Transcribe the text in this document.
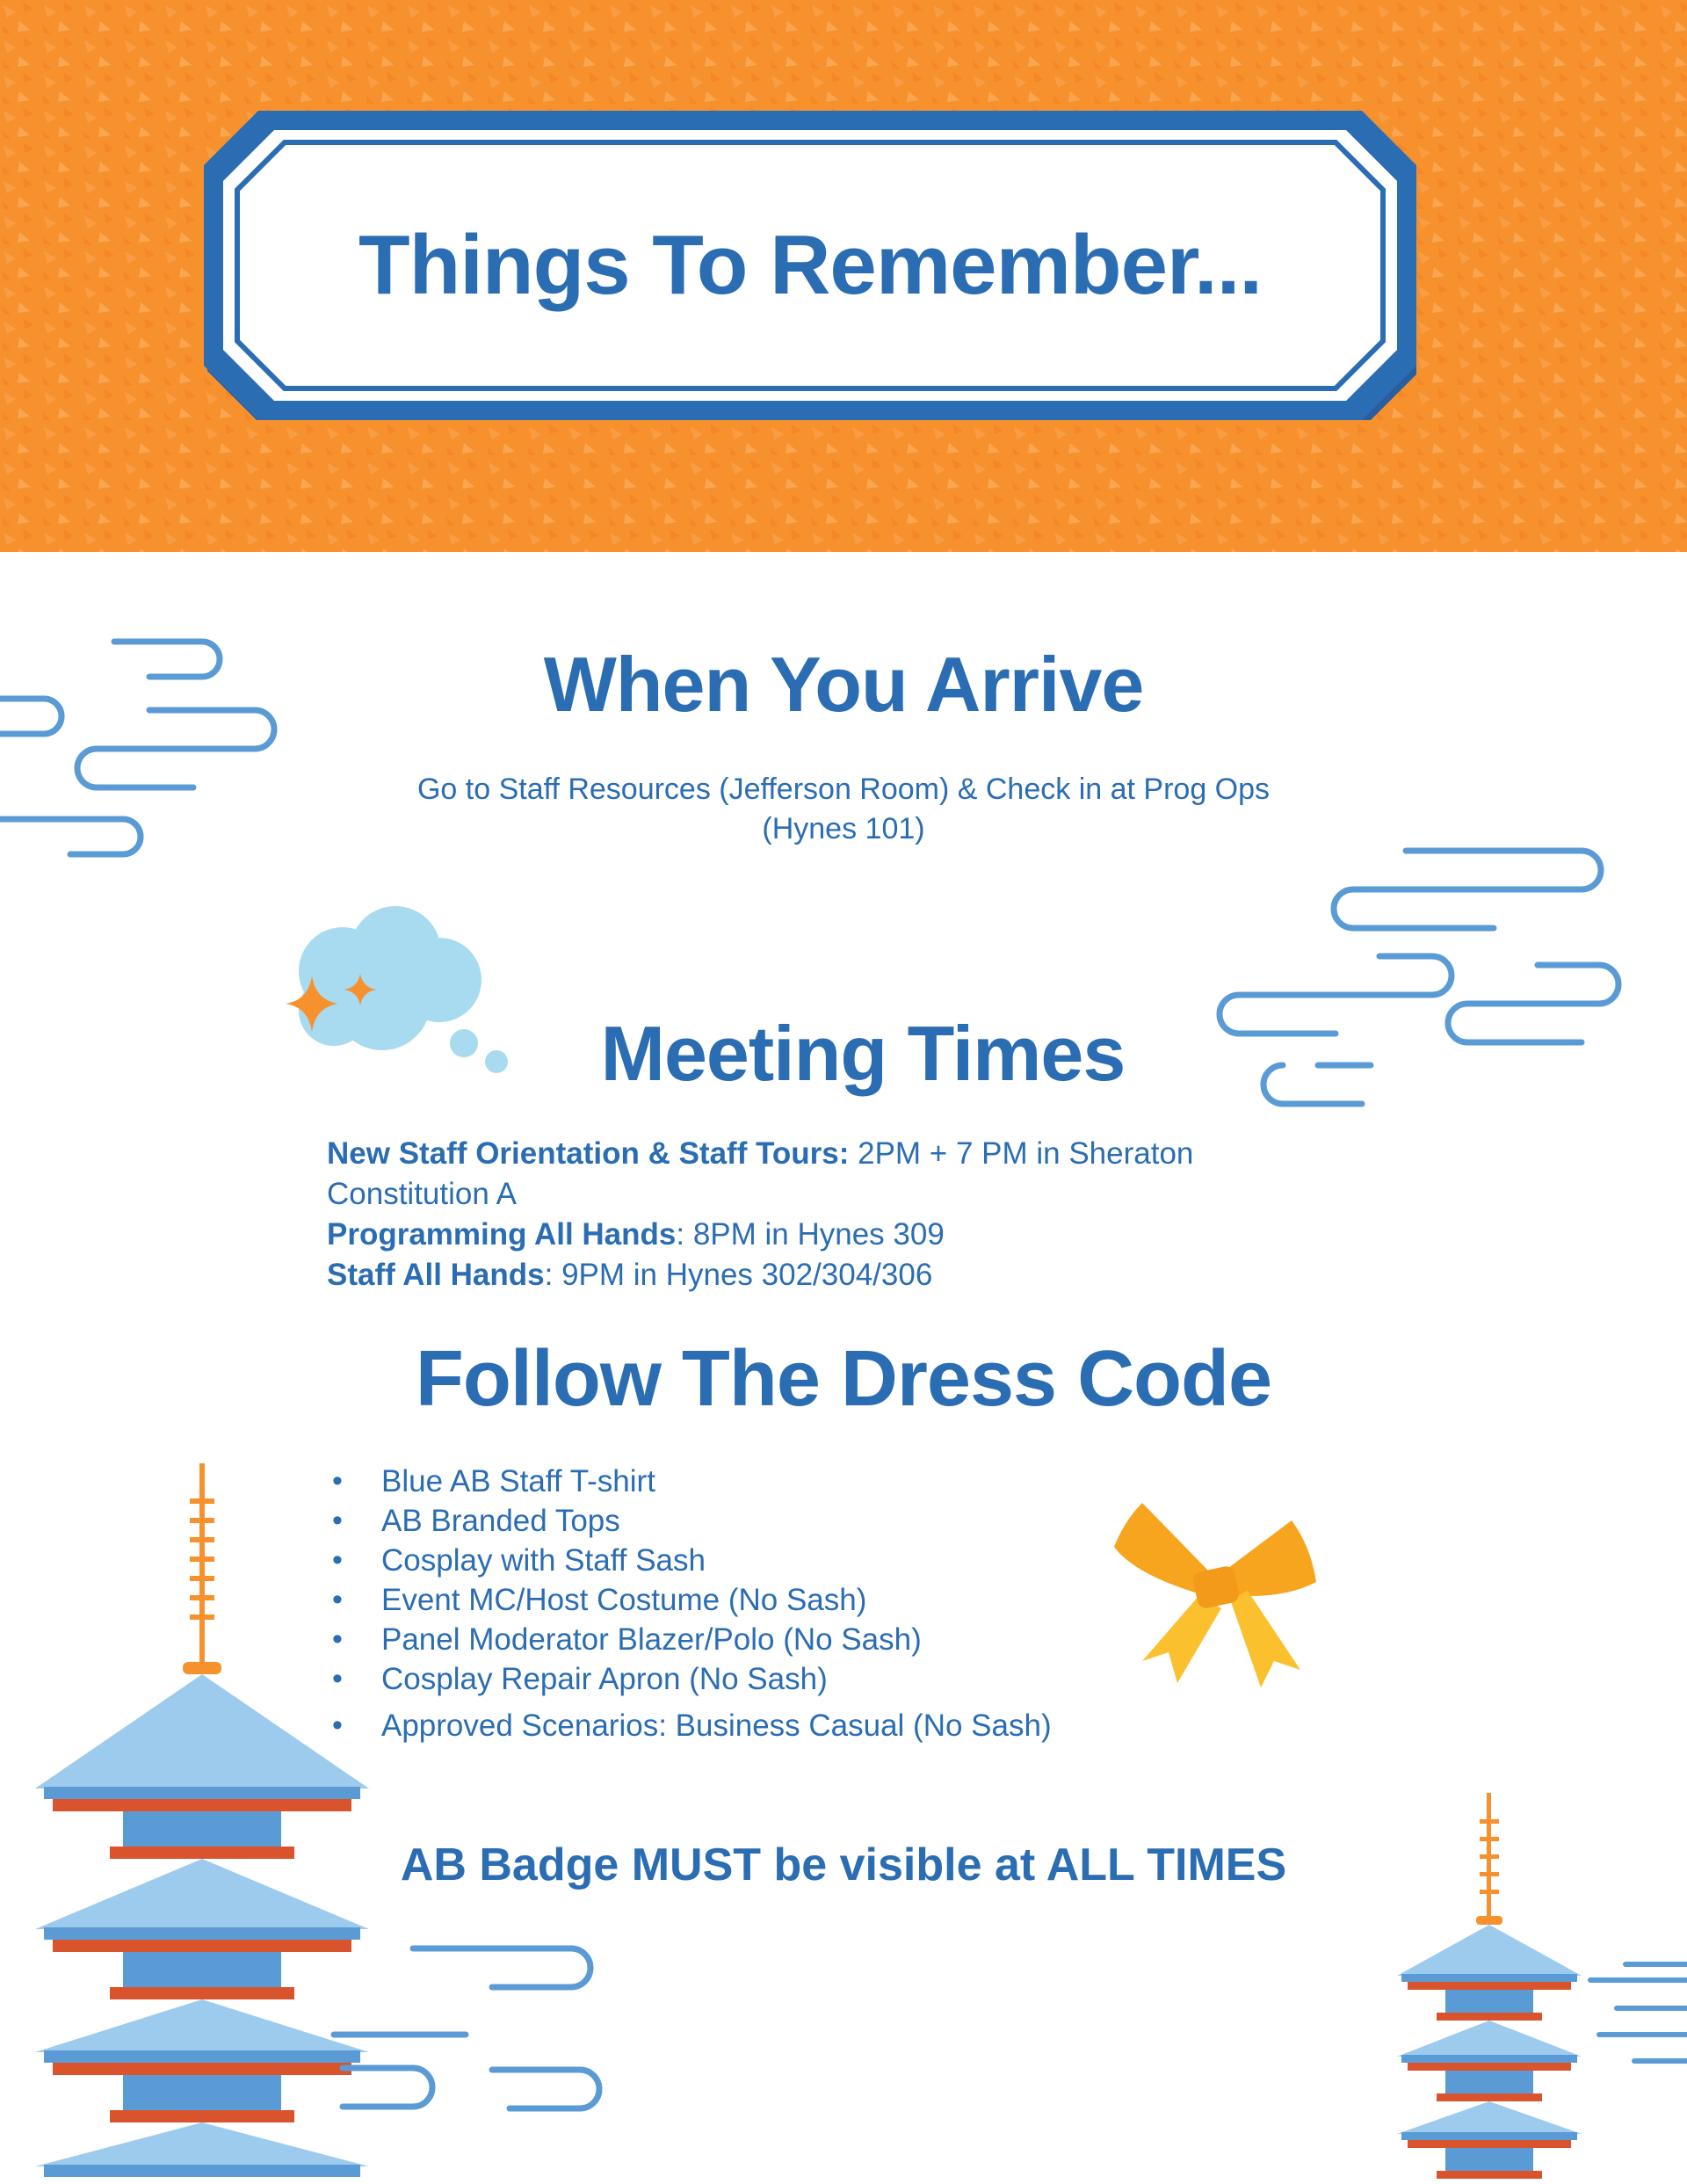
Things To Remember...
When You Arrive
Go to Staff Resources (Jefferson Room) & Check in at Prog Ops
(Hynes 101)
Meeting Times
New Staff Orientation & Staff Tours: 2PM + 7 PM in Sheraton Constitution A
Programming All Hands: 8PM in Hynes 309
Staff All Hands: 9PM in Hynes 302/304/306
Follow The Dress Code
• Blue AB Staff T-shirt
• AB Branded Tops
• Cosplay with Staff Sash
• Event MC/Host Costume (No Sash)
• Panel Moderator Blazer/Polo (No Sash)
• Cosplay Repair Apron (No Sash)
• Approved Scenarios: Business Casual (No Sash)
AB Badge MUST be visible at ALL TIMES
